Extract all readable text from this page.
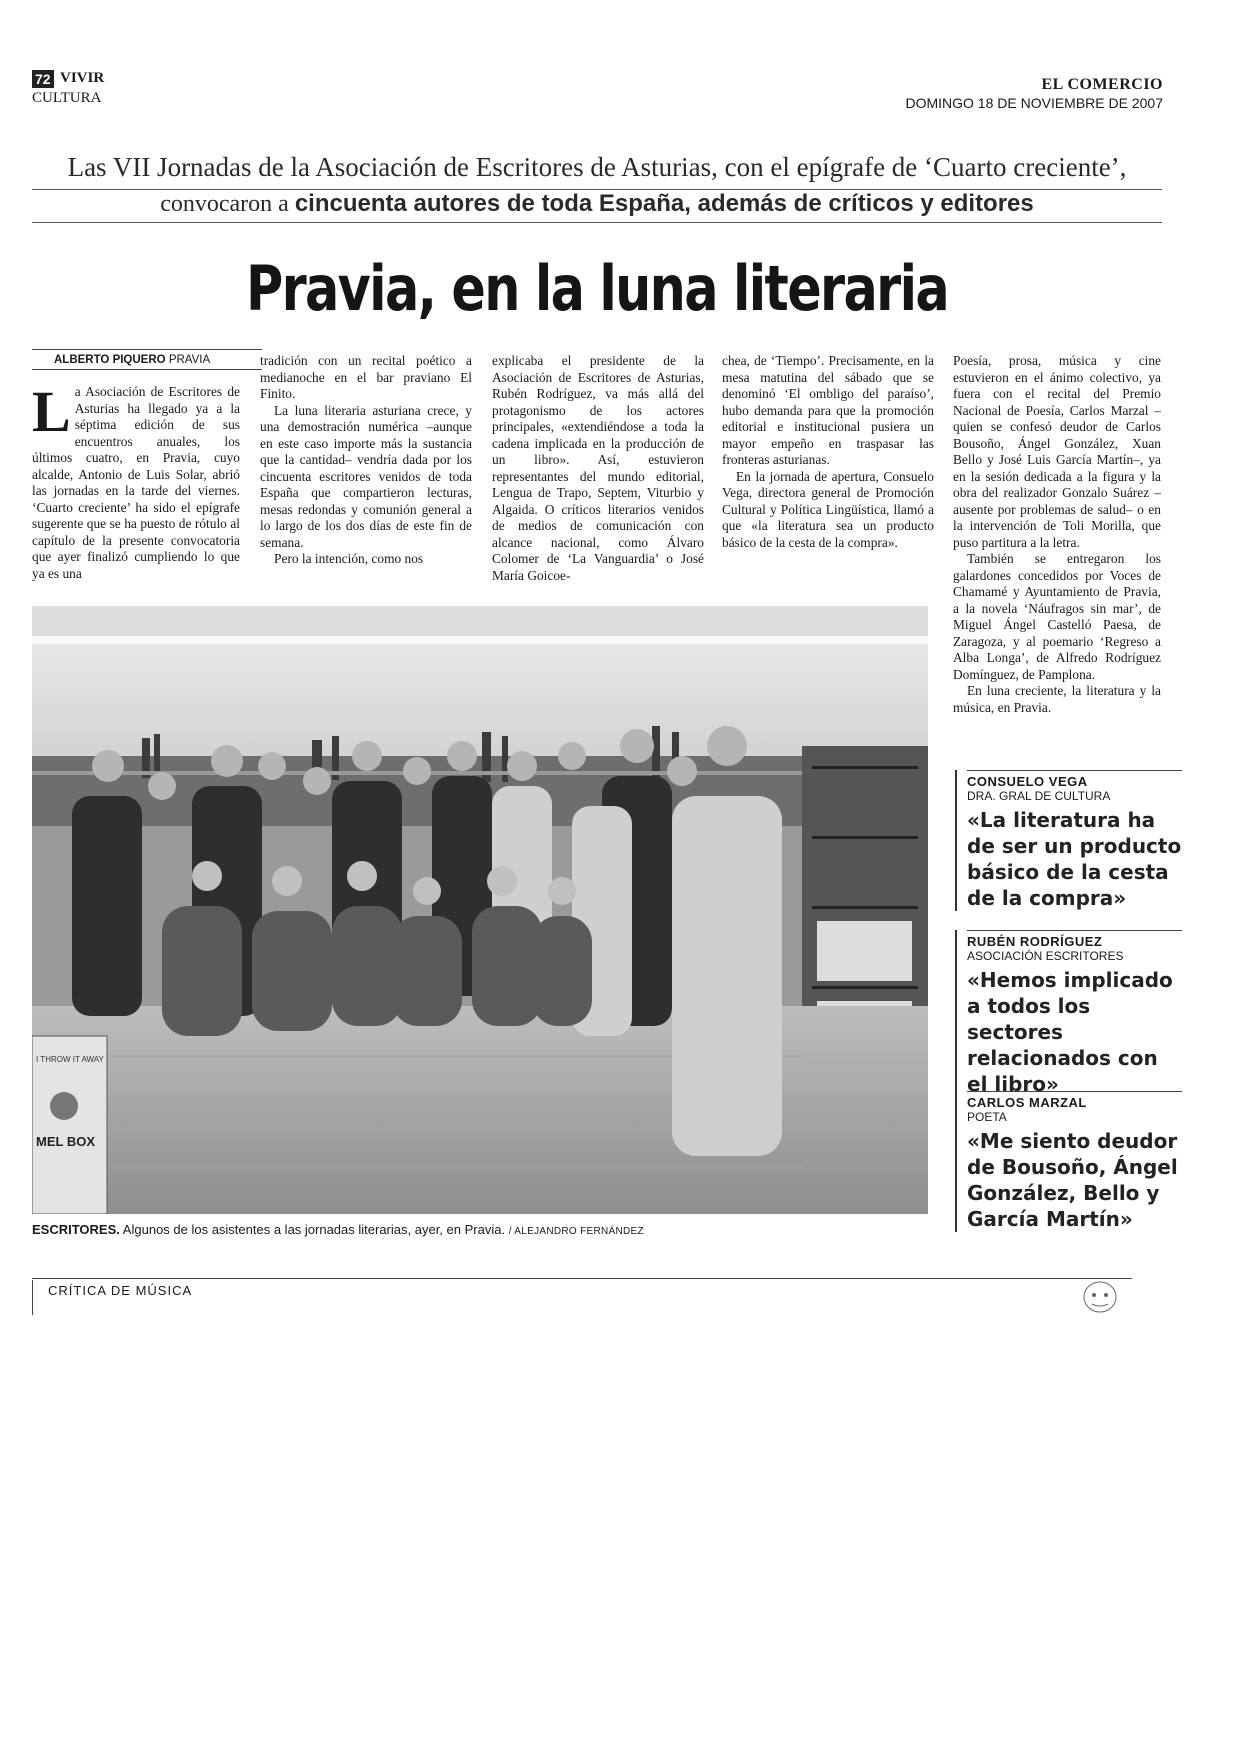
72 VIVIR
CULTURA
EL COMERCIO
DOMINGO 18 DE NOVIEMBRE DE 2007
Las VII Jornadas de la Asociación de Escritores de Asturias, con el epígrafe de ‘Cuarto creciente’,
convocaron a cincuenta autores de toda España, además de críticos y editores
Pravia, en la luna literaria
ALBERTO PIQUERO PRAVIA

La Asociación de Escritores de Asturias ha llegado ya a la séptima edición de sus encuentros anuales, los últimos cuatro, en Pravia, cuyo alcalde, Antonio de Luis Solar, abrió las jornadas en la tarde del viernes. ‘Cuarto creciente’ ha sido el epígrafe sugerente que se ha puesto de rótulo al capítulo de la presente convocatoria que ayer finalizó cumpliendo lo que ya es una

tradición con un recital poético a medianoche en el bar praviano El Finito.

La luna literaria asturiana crece, y una demostración numérica –aunque en este caso importe más la sustancia que la cantidad– vendría dada por los cincuenta escritores venidos de toda España que compartieron lecturas, mesas redondas y comunión general a lo largo de los dos días de este fin de semana.

Pero la intención, como nos

explicaba el presidente de la Asociación de Escritores de Asturias, Rubén Rodríguez, va más allá del protagonismo de los actores principales, «extendiéndose a toda la cadena implicada en la producción de un libro». Así, estuvieron representantes del mundo editorial, Lengua de Trapo, Septem, Viturbio y Algaida. O críticos literarios venidos de medios de comunicación con alcance nacional, como Álvaro Colomer de ‘La Vanguardia’ o José María Goicoe-

chea, de ‘Tiempo’. Precisamente, en la mesa matutina del sábado que se denominó ‘El ombligo del paraíso’, hubo demanda para que la promoción editorial e institucional pusiera un mayor empeño en traspasar las fronteras asturianas.

En la jornada de apertura, Consuelo Vega, directora general de Promoción Cultural y Política Lingüística, llamó a que «la literatura sea un producto básico de la cesta de la compra».

Poesía, prosa, música y cine estuvieron en el ánimo colectivo, ya fuera con el recital del Premio Nacional de Poesía, Carlos Marzal –quien se confesó deudor de Carlos Bousoño, Ángel González, Xuan Bello y José Luis García Martín–, ya en la sesión dedicada a la figura y la obra del realizador Gonzalo Suárez –ausente por problemas de salud– o en la intervención de Toli Morilla, que puso partitura a la letra.

También se entregaron los galardones concedidos por Voces de Chamamé y Ayuntamiento de Pravia, a la novela ‘Náufragos sin mar’, de Miguel Ángel Castelló Paesa, de Zaragoza, y al poemario ‘Regreso a Alba Longa’, de Alfredo Rodríguez Domínguez, de Pamplona.

En luna creciente, la literatura y la música, en Pravia.

I THROW IT AWAY
MEL BOX
ESCRITORES. Algunos de los asistentes a las jornadas literarias, ayer, en Pravia. / ALEJANDRO FERNÁNDEZ
CONSUELO VEGA
DRA. GRAL DE CULTURA
«La literatura ha de ser un producto básico de la cesta de la compra»
RUBÉN RODRÍGUEZ
ASOCIACIÓN ESCRITORES
«Hemos implicado a todos los sectores relacionados con el libro»
CARLOS MARZAL
POETA
«Me siento deudor de Bousoño, Ángel González, Bello y García Martín»
CRÍTICA DE MÚSICA
